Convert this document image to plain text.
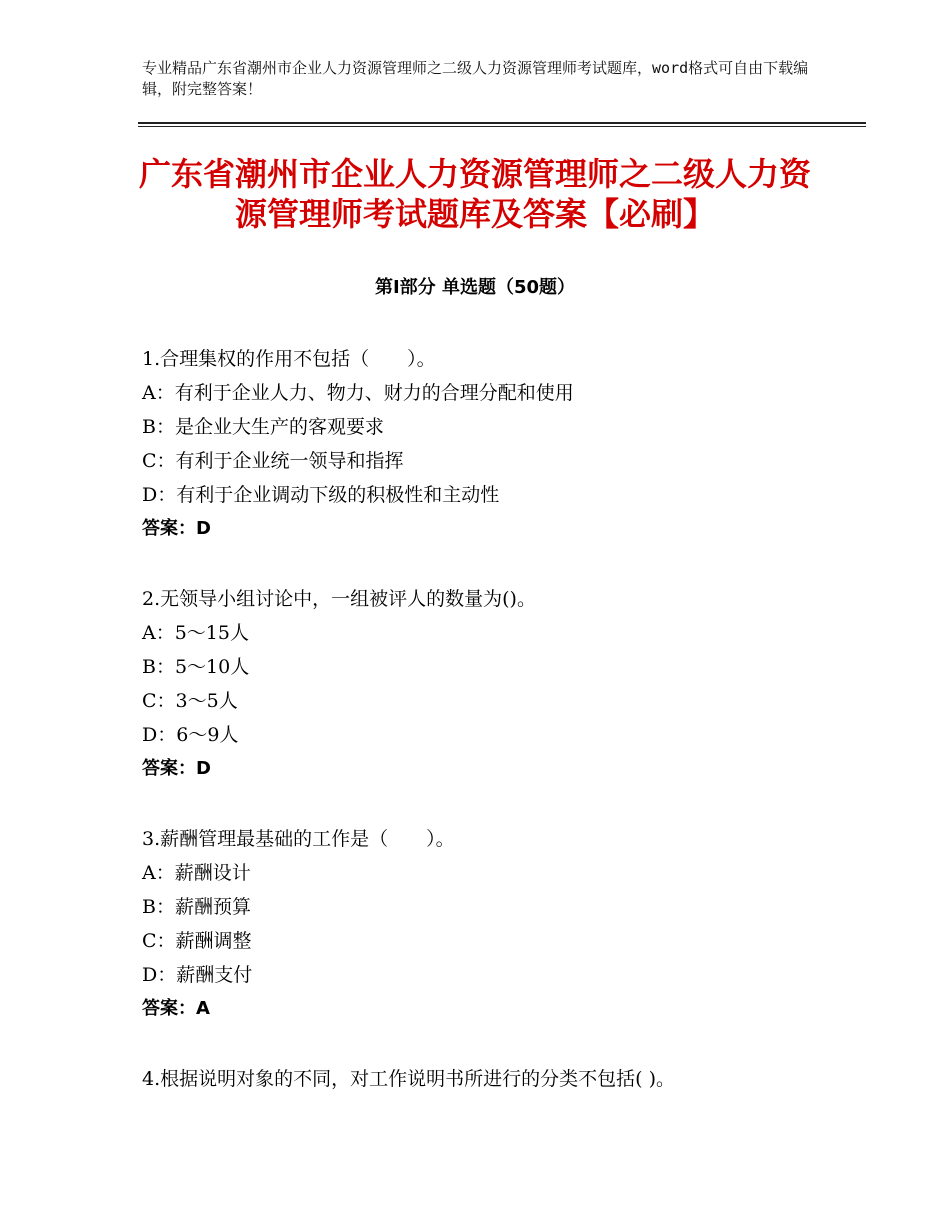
专业精品广东省潮州市企业人力资源管理师之二级人力资源管理师考试题库，word格式可自由下载编辑，附完整答案！
广东省潮州市企业人力资源管理师之二级人力资源管理师考试题库及答案【必刷】
第Ⅰ部分 单选题（50题）
1.合理集权的作用不包括（　　）。
A：有利于企业人力、物力、财力的合理分配和使用
B：是企业大生产的客观要求
C：有利于企业统一领导和指挥
D：有利于企业调动下级的积极性和主动性
答案：D
2.无领导小组讨论中，一组被评人的数量为()。
A：5～15人
B：5～10人
C：3～5人
D：6～9人
答案：D
3.薪酬管理最基础的工作是（　　）。
A：薪酬设计
B：薪酬预算
C：薪酬调整
D：薪酬支付
答案：A
4.根据说明对象的不同，对工作说明书所进行的分类不包括( )。
